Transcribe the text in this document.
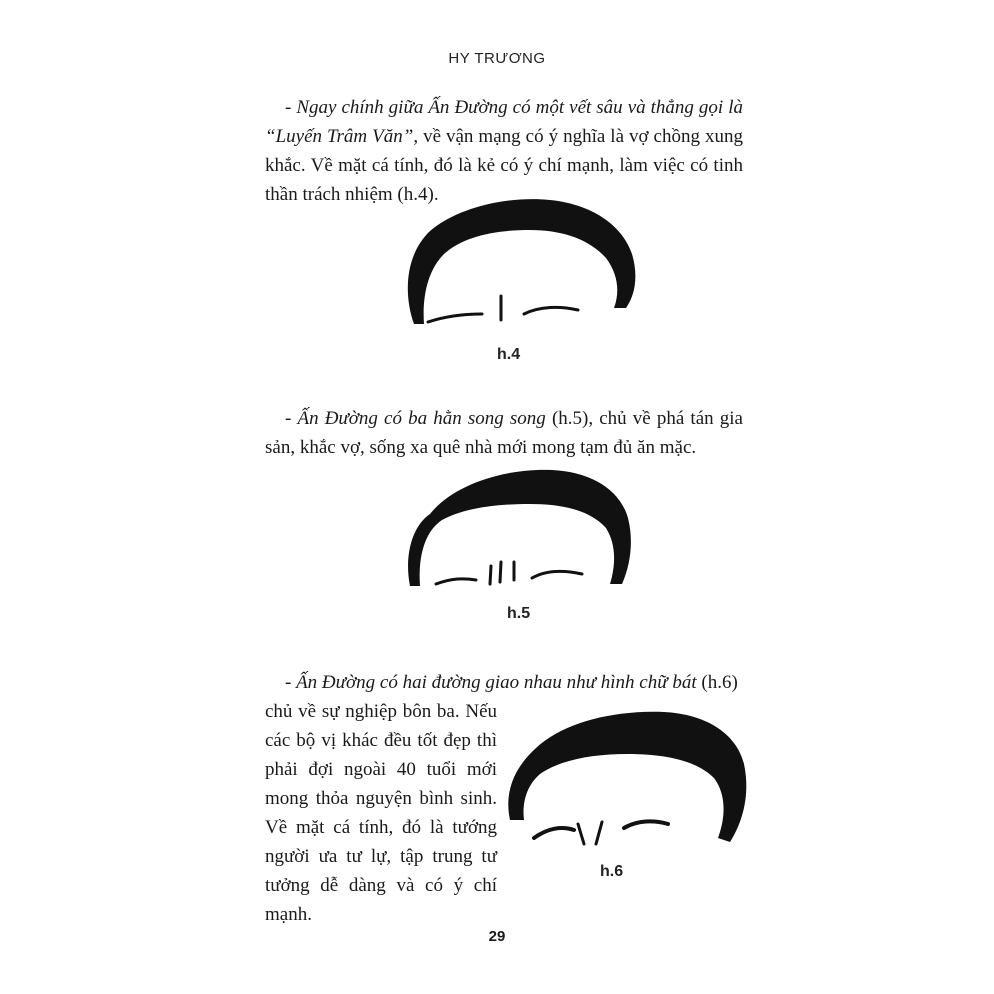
HY TRƯƠNG

- Ngay chính giữa Ấn Đường có một vết sâu và thẳng gọi là “Luyến Trâm Văn”, về vận mạng có ý nghĩa là vợ chồng xung khắc. Về mặt cá tính, đó là kẻ có ý chí mạnh, làm việc có tinh thần trách nhiệm (h.4).

h.4

- Ấn Đường có ba hằn song song (h.5), chủ về phá tán gia sản, khắc vợ, sống xa quê nhà mới mong tạm đủ ăn mặc.

h.5

- Ấn Đường có hai đường giao nhau như hình chữ bát (h.6)

chủ về sự nghiệp bôn ba. Nếu các bộ vị khác đều tốt đẹp thì phải đợi ngoài 40 tuổi mới mong thỏa nguyện bình sinh. Về mặt cá tính, đó là tướng người ưa tư lự, tập trung tư tưởng dễ dàng và có ý chí mạnh.

h.6
29
